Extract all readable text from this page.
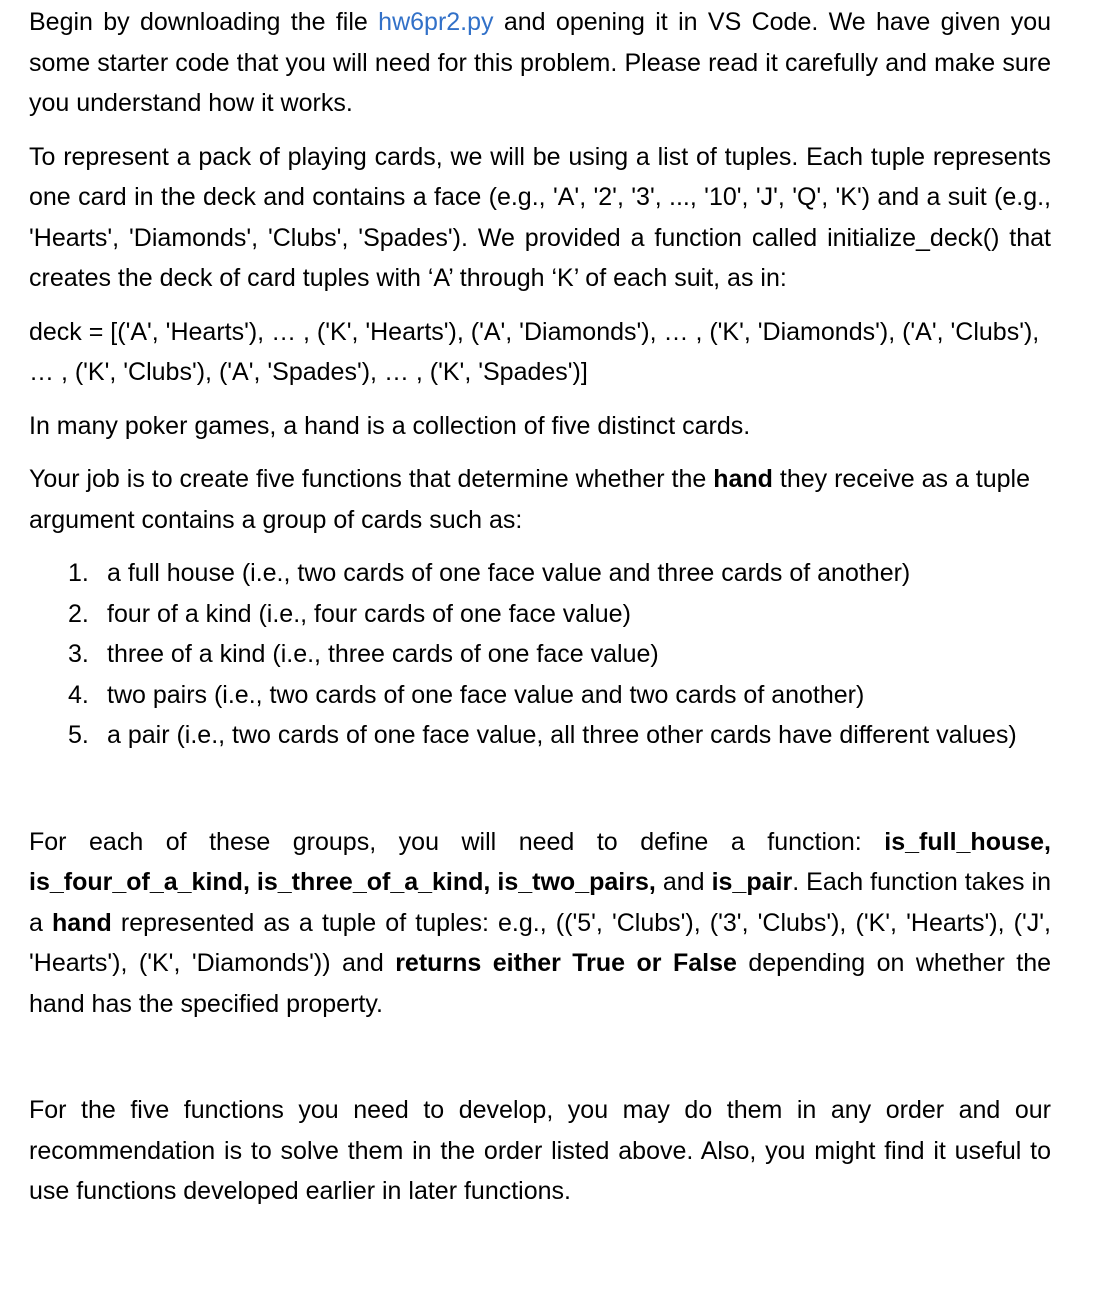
Begin by downloading the file hw6pr2.py and opening it in VS Code. We have given you some starter code that you will need for this problem. Please read it carefully and make sure you understand how it works.

To represent a pack of playing cards, we will be using a list of tuples. Each tuple represents one card in the deck and contains a face (e.g., 'A', '2', '3', ..., '10', 'J', 'Q', 'K') and a suit (e.g., 'Hearts', 'Diamonds', 'Clubs', 'Spades'). We provided a function called initialize_deck() that creates the deck of card tuples with ‘A’ through ‘K’ of each suit, as in:

deck = [('A', 'Hearts'), … , ('K', 'Hearts'), ('A', 'Diamonds'), … , ('K', 'Diamonds'), ('A', 'Clubs'), … , ('K', 'Clubs'), ('A', 'Spades'), … , ('K', 'Spades')]

In many poker games, a hand is a collection of five distinct cards.

Your job is to create five functions that determine whether the hand they receive as a tuple argument contains a group of cards such as:

1. a full house (i.e., two cards of one face value and three cards of another)
2. four of a kind (i.e., four cards of one face value)
3. three of a kind (i.e., three cards of one face value)
4. two pairs (i.e., two cards of one face value and two cards of another)
5. a pair (i.e., two cards of one face value, all three other cards have different values)

For each of these groups, you will need to define a function: is_full_house, is_four_of_a_kind, is_three_of_a_kind, is_two_pairs, and is_pair. Each function takes in a hand represented as a tuple of tuples: e.g., (('5', 'Clubs'), ('3', 'Clubs'), ('K', 'Hearts'), ('J', 'Hearts'), ('K', 'Diamonds')) and returns either True or False depending on whether the hand has the specified property.

For the five functions you need to develop, you may do them in any order and our recommendation is to solve them in the order listed above. Also, you might find it useful to use functions developed earlier in later functions.
